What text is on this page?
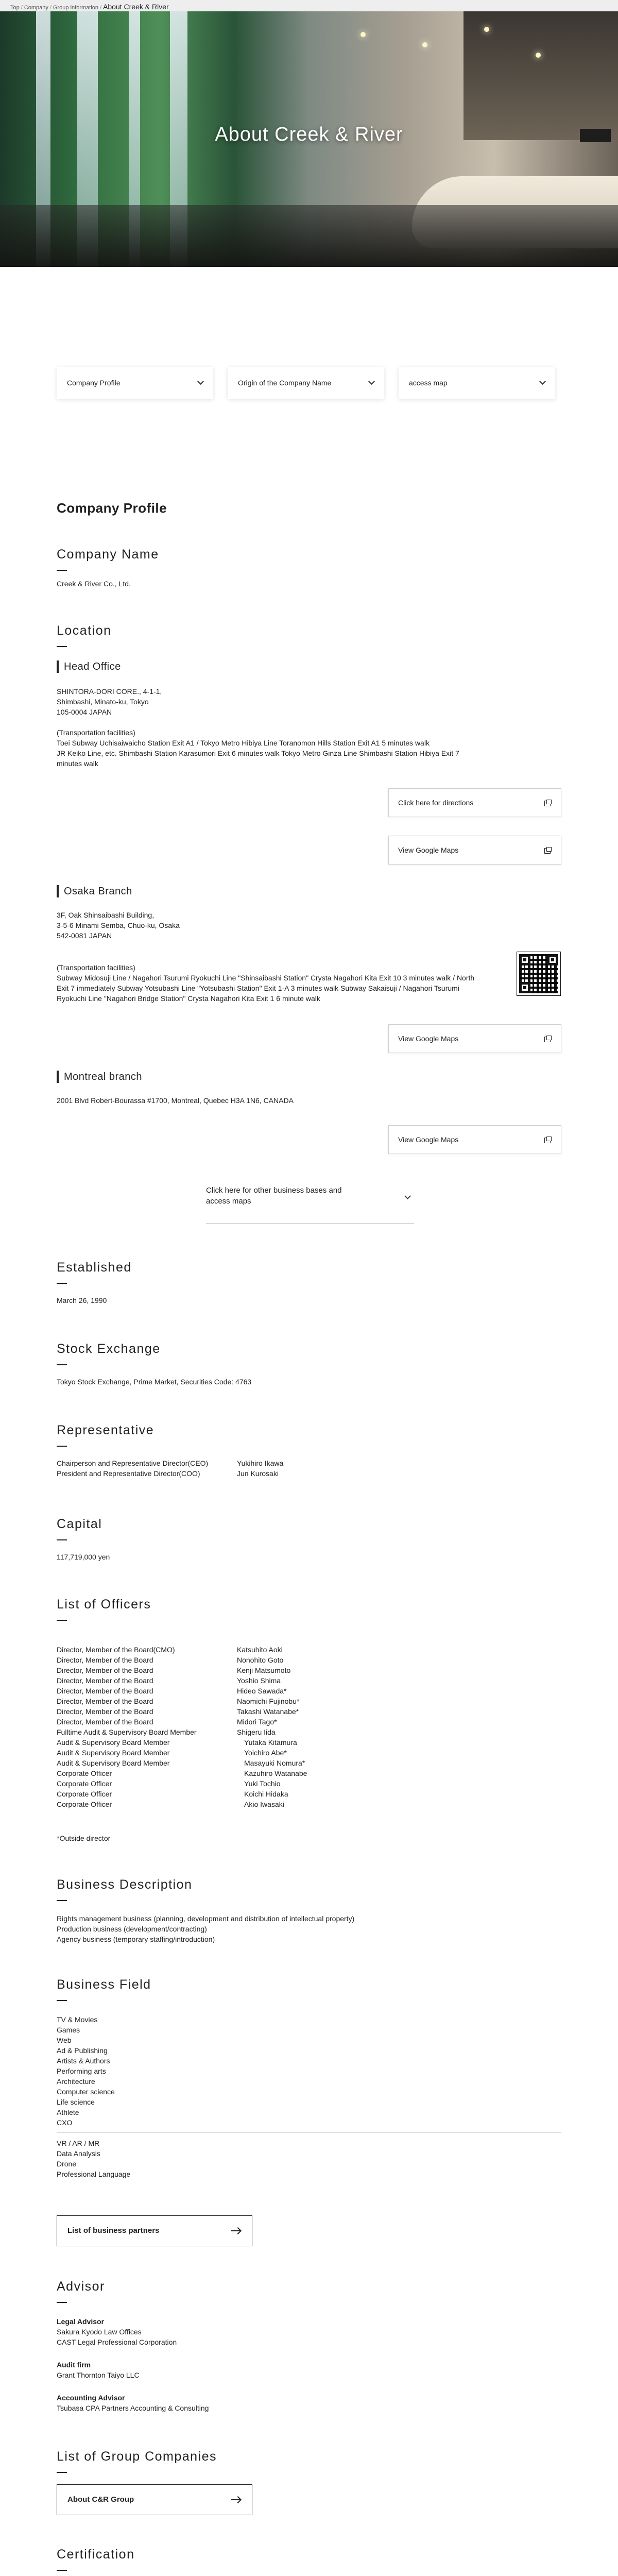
Top / Company / Group information / About Creek & River
About Creek & River
Company Profile	Origin of the Company Name	access map
Company Profile
Company Name
Creek & River Co., Ltd.
Location
Head Office
SHINTORA-DORI CORE., 4-1-1,
Shimbashi, Minato-ku, Tokyo
105-0004 JAPAN
(Transportation facilities)
Toei Subway Uchisaiwaicho Station Exit A1 / Tokyo Metro Hibiya Line Toranomon Hills Station Exit A1 5 minutes walk
JR Keiko Line, etc. Shimbashi Station Karasumori Exit 6 minutes walk Tokyo Metro Ginza Line Shimbashi Station Hibiya Exit 7
minutes walk
Click here for directions
View Google Maps
Osaka Branch
3F, Oak Shinsaibashi Building,
3-5-6 Minami Semba, Chuo-ku, Osaka
542-0081 JAPAN
(Transportation facilities)
Subway Midosuji Line / Nagahori Tsurumi Ryokuchi Line "Shinsaibashi Station" Crysta Nagahori Kita Exit 10 3 minutes walk / North
Exit 7 immediately Subway Yotsubashi Line "Yotsubashi Station" Exit 1-A 3 minutes walk Subway Sakaisuji / Nagahori Tsurumi
Ryokuchi Line "Nagahori Bridge Station" Crysta Nagahori Kita Exit 1 6 minute walk
View Google Maps
Montreal branch
2001 Blvd Robert-Bourassa #1700, Montreal, Quebec H3A 1N6, CANADA
View Google Maps
Click here for other business bases and access maps
Established
March 26, 1990
Stock Exchange
Tokyo Stock Exchange, Prime Market, Securities Code: 4763
Representative
Chairperson and Representative Director(CEO)	Yukihiro Ikawa
President and Representative Director(COO)	Jun Kurosaki
Capital
117,719,000 yen
List of Officers
Director, Member of the Board(CMO)	Katsuhito Aoki
Director, Member of the Board	Nonohito Goto
Director, Member of the Board	Kenji Matsumoto
Director, Member of the Board	Yoshio Shima
Director, Member of the Board	Hideo Sawada*
Director, Member of the Board	Naomichi Fujinobu*
Director, Member of the Board	Takashi Watanabe*
Director, Member of the Board	Midori Tago*
Fulltime Audit & Supervisory Board Member	Shigeru Iida
Audit & Supervisory Board Member	Yutaka Kitamura
Audit & Supervisory Board Member	Yoichiro Abe*
Audit & Supervisory Board Member	Masayuki Nomura*
Corporate Officer	Kazuhiro Watanabe
Corporate Officer	Yuki Tochio
Corporate Officer	Koichi Hidaka
Corporate Officer	Akio Iwasaki
*Outside director
Business Description
Rights management business (planning, development and distribution of intellectual property)
Production business (development/contracting)
Agency business (temporary staffing/introduction)
Business Field
TV & Movies
Games
Web
Ad & Publishing
Artists & Authors
Performing arts
Architecture
Computer science
Life science
Athlete
CXO
VR / AR / MR
Data Analysis
Drone
Professional Language
List of business partners
Advisor
Legal Advisor
Sakura Kyodo Law Offices
CAST Legal Professional Corporation
Audit firm
Grant Thornton Taiyo LLC
Accounting Advisor
Tsubasa CPA Partners Accounting & Consulting
List of Group Companies
About C&R Group
Certification
